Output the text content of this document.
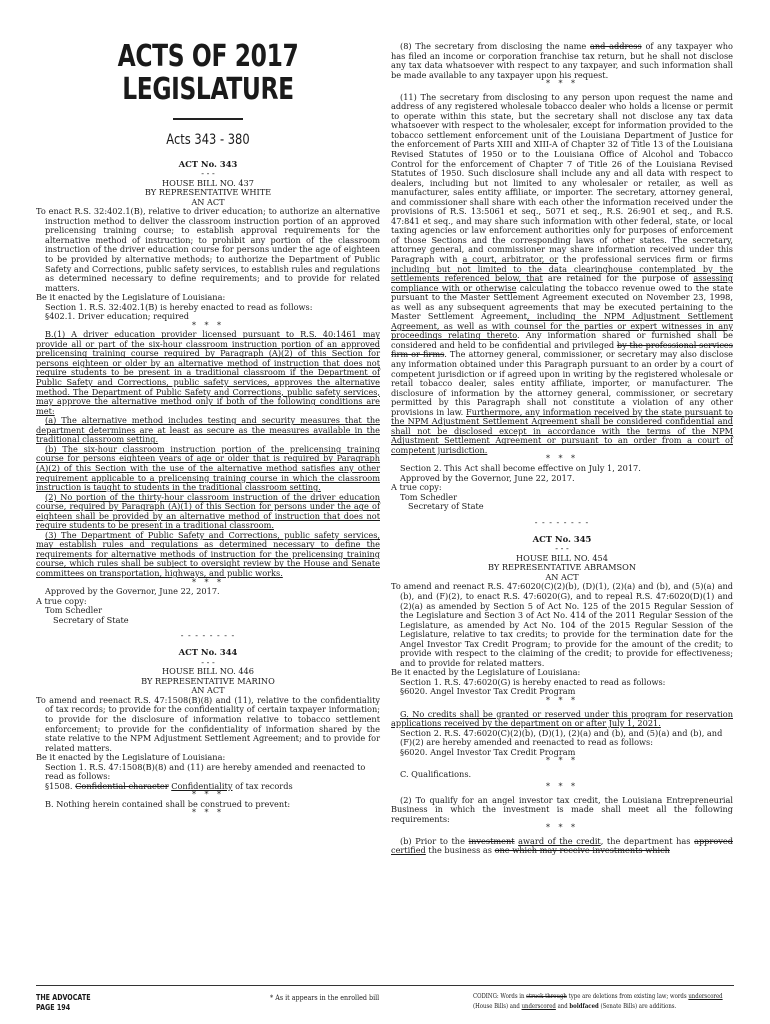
ACTS OF 2017
LEGISLATURE
Acts 343 - 380
ACT No. 343
- - -
HOUSE BILL NO. 437
BY REPRESENTATIVE WHITE
AN ACT

To enact R.S. 32:402.1(B), relative to driver education; to authorize an alternative instruction method to deliver the classroom instruction portion of an approved prelicensing training course; to establish approval requirements for the alternative method of instruction; to prohibit any portion of the classroom instruction of the driver education course for persons under the age of eighteen to be provided by alternative methods; to authorize the Department of Public Safety and Corrections, public safety services, to establish rules and regulations as determined necessary to define requirements; and to provide for related matters.

Be it enacted by the Legislature of Louisiana:

Section 1. R.S. 32:402.1(B) is hereby enacted to read as follows:

§402.1. Driver education; required

* * *

B.(1) A driver education provider licensed pursuant to R.S. 40:1461 may provide all or part of the six-hour classroom instruction portion of an approved prelicensing training course required by Paragraph (A)(2) of this Section for persons eighteen or older by an alternative method of instruction that does not require students to be present in a traditional classroom if the Department of Public Safety and Corrections, public safety services, approves the alternative method. The Department of Public Safety and Corrections, public safety services, may approve the alternative method only if both of the following conditions are met:

(a) The alternative method includes testing and security measures that the department determines are at least as secure as the measures available in the traditional classroom setting.

(b) The six-hour classroom instruction portion of the prelicensing training course for persons eighteen years of age or older that is required by Paragraph (A)(2) of this Section with the use of the alternative method satisfies any other requirement applicable to a prelicensing training course in which the classroom instruction is taught to students in the traditional classroom setting.

(2) No portion of the thirty-hour classroom instruction of the driver education course, required by Paragraph (A)(1) of this Section for persons under the age of eighteen shall be provided by an alternative method of instruction that does not require students to be present in a traditional classroom.

(3) The Department of Public Safety and Corrections, public safety services, may establish rules and regulations as determined necessary to define the requirements for alternative methods of instruction for the prelicensing training course, which rules shall be subject to oversight review by the House and Senate committees on transportation, highways, and public works.

* * *

Approved by the Governor, June 22, 2017.

A true copy:

Tom Schedler

Secretary of State

- - - - - - - -
ACT No. 344
- - -
HOUSE BILL NO. 446
BY REPRESENTATIVE MARINO
AN ACT

To amend and reenact R.S. 47:1508(B)(8) and (11), relative to the confidentiality of tax records; to provide for the confidentiality of certain taxpayer information; to provide for the disclosure of information relative to tobacco settlement enforcement; to provide for the confidentiality of information shared by the state relative to the NPM Adjustment Settlement Agreement; and to provide for related matters.

Be it enacted by the Legislature of Louisiana:

Section 1. R.S. 47:1508(B)(8) and (11) are hereby amended and reenacted to read as follows:

§1508. Confidential character Confidentiality of tax records

* * *

B. Nothing herein contained shall be construed to prevent:

* * *

(8) The secretary from disclosing the name and address of any taxpayer who has filed an income or corporation franchise tax return, but he shall not disclose any tax data whatsoever with respect to any taxpayer, and such information shall be made available to any taxpayer upon his request.

* * *

(11) The secretary from disclosing to any person upon request the name and address of any registered wholesale tobacco dealer who holds a license or permit to operate within this state, but the secretary shall not disclose any tax data whatsoever with respect to the wholesaler, except for information provided to the tobacco settlement enforcement unit of the Louisiana Department of Justice for the enforcement of Parts XIII and XIII-A of Chapter 32 of Title 13 of the Louisiana Revised Statutes of 1950 or to the Louisiana Office of Alcohol and Tobacco Control for the enforcement of Chapter 7 of Title 26 of the Louisiana Revised Statutes of 1950. Such disclosure shall include any and all data with respect to dealers, including but not limited to any wholesaler or retailer, as well as manufacturer, sales entity affiliate, or importer. The secretary, attorney general, and commissioner shall share with each other the information received under the provisions of R.S. 13:5061 et seq., 5071 et seq., R.S. 26:901 et seq., and R.S. 47:841 et seq., and may share such information with other federal, state, or local taxing agencies or law enforcement authorities only for purposes of enforcement of those Sections and the corresponding laws of other states. The secretary, attorney general, and commissioner may share information received under this Paragraph with a court, arbitrator, or the professional services firm or firms including but not limited to the data clearinghouse contemplated by the settlements referenced below, that are retained for the purpose of assessing compliance with or otherwise calculating the tobacco revenue owed to the state pursuant to the Master Settlement Agreement executed on November 23, 1998, as well as any subsequent agreements that may be executed pertaining to the Master Settlement Agreement, including the NPM Adjustment Settlement Agreement, as well as with counsel for the parties or expert witnesses in any proceedings relating thereto. Any information shared or furnished shall be considered and held to be confidential and privileged by the professional services firm or firms. The attorney general, commissioner, or secretary may also disclose any information obtained under this Paragraph pursuant to an order by a court of competent jurisdiction or if agreed upon in writing by the registered wholesale or retail tobacco dealer, sales entity affiliate, importer, or manufacturer. The disclosure of information by the attorney general, commissioner, or secretary permitted by this Paragraph shall not constitute a violation of any other provisions in law. Furthermore, any information received by the state pursuant to the NPM Adjustment Settlement Agreement shall be considered confidential and shall not be disclosed except in accordance with the terms of the NPM Adjustment Settlement Agreement or pursuant to an order from a court of competent jurisdiction.

* * *

Section 2. This Act shall become effective on July 1, 2017.

Approved by the Governor, June 22, 2017.

A true copy:

Tom Schedler

Secretary of State

- - - - - - - -
ACT No. 345
- - -
HOUSE BILL NO. 454
BY REPRESENTATIVE ABRAMSON
AN ACT

To amend and reenact R.S. 47:6020(C)(2)(b), (D)(1), (2)(a) and (b), and (5)(a) and (b), and (F)(2), to enact R.S. 47:6020(G), and to repeal R.S. 47:6020(D)(1) and (2)(a) as amended by Section 5 of Act No. 125 of the 2015 Regular Session of the Legislature and Section 3 of Act No. 414 of the 2011 Regular Session of the Legislature, as amended by Act No. 104 of the 2015 Regular Session of the Legislature, relative to tax credits; to provide for the termination date for the Angel Investor Tax Credit Program; to provide for the amount of the credit; to provide with respect to the claiming of the credit; to provide for effectiveness; and to provide for related matters.

Be it enacted by the Legislature of Louisiana:

Section 1. R.S. 47:6020(G) is hereby enacted to read as follows:

§6020. Angel Investor Tax Credit Program

* * *

G. No credits shall be granted or reserved under this program for reservation applications received by the department on or after July 1, 2021.

Section 2. R.S. 47:6020(C)(2)(b), (D)(1), (2)(a) and (b), and (5)(a) and (b), and (F)(2) are hereby amended and reenacted to read as follows:

§6020. Angel Investor Tax Credit Program

* * *

C. Qualifications.

* * *

(2) To qualify for an angel investor tax credit, the Louisiana Entrepreneurial Business in which the investment is made shall meet all the following requirements:

* * *

(b) Prior to the investment award of the credit, the department has approved certified the business as one which may receive investments which

THE ADVOCATE
PAGE 194
* As it appears in the enrolled bill	CODING: Words in struck through type are deletions from existing law; words underscored
(House Bills) and underscored and boldfaced (Senate Bills) are additions.
